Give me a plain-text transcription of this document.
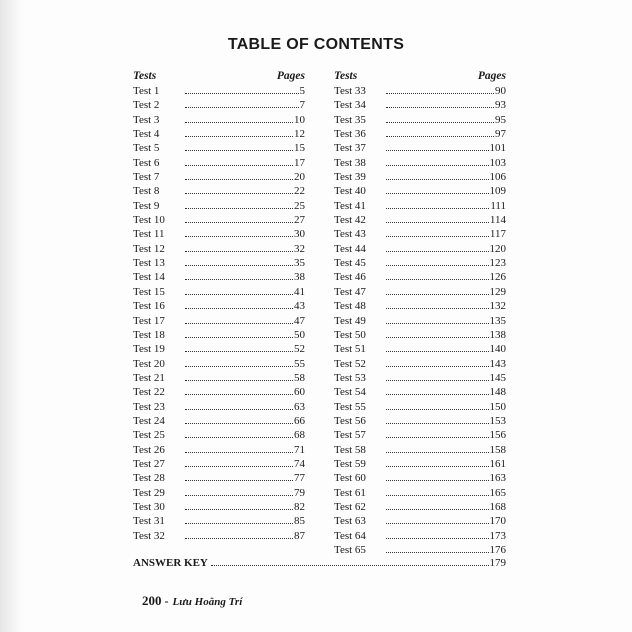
TABLE OF CONTENTS
Tests	Pages
Test 1	5
Test 2	7
Test 3	10
Test 4	12
Test 5	15
Test 6	17
Test 7	20
Test 8	22
Test 9	25
Test 10	27
Test 11	30
Test 12	32
Test 13	35
Test 14	38
Test 15	41
Test 16	43
Test 17	47
Test 18	50
Test 19	52
Test 20	55
Test 21	58
Test 22	60
Test 23	63
Test 24	66
Test 25	68
Test 26	71
Test 27	74
Test 28	77
Test 29	79
Test 30	82
Test 31	85
Test 32	87
Tests	Pages
Test 33	90
Test 34	93
Test 35	95
Test 36	97
Test 37	101
Test 38	103
Test 39	106
Test 40	109
Test 41	111
Test 42	114
Test 43	117
Test 44	120
Test 45	123
Test 46	126
Test 47	129
Test 48	132
Test 49	135
Test 50	138
Test 51	140
Test 52	143
Test 53	145
Test 54	148
Test 55	150
Test 56	153
Test 57	156
Test 58	158
Test 59	161
Test 60	163
Test 61	165
Test 62	168
Test 63	170
Test 64	173
Test 65	176
ANSWER KEY	179
200 - Lưu Hoằng Trí
